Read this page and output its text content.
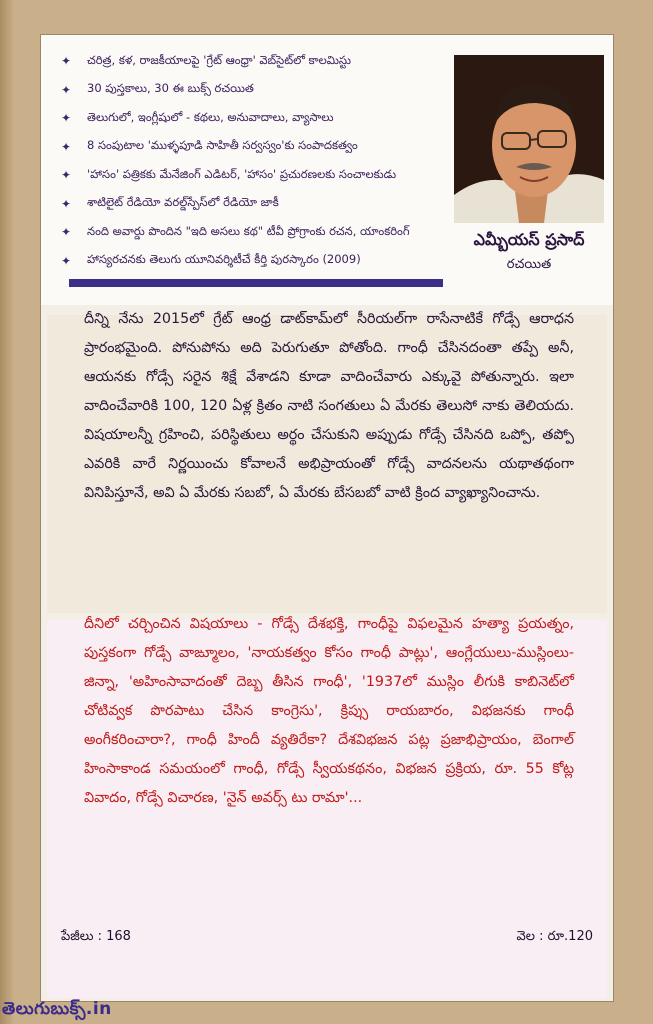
✦	చరిత్ర, కళ, రాజకీయాలపై 'గ్రేట్ ఆంధ్రా' వెబ్‌సైట్‌లో కాలమిస్టు
✦	30 పుస్తకాలు, 30 ఈ బుక్స్ రచయిత
✦	తెలుగులో, ఇంగ్లీషులో - కథలు, అనువాదాలు, వ్యాసాలు
✦	8 సంపుటాల 'ముళ్ళపూడి సాహితీ సర్వస్వం'కు సంపాదకత్వం
✦	'హాసం' పత్రికకు మేనేజింగ్ ఎడిటర్, 'హాసం' ప్రచురణలకు సంచాలకుడు
✦	శాటిలైట్ రేడియో వరల్డ్‌స్పేస్‌లో రేడియో జాకీ
✦	నంది అవార్డు పొందిన "ఇది అసలు కథ" టీవీ ప్రోగ్రాంకు రచన, యాంకరింగ్
✦	హాస్యరచనకు తెలుగు యూనివర్శిటీచే కీర్తి పురస్కారం (2009)
ఎమ్బీయస్ ప్రసాద్
రచయిత
పేజీలు : 168	వెల : రూ.120
దీన్ని నేను 2015లో గ్రేట్ ఆంధ్ర డాట్‌కామ్‌లో సీరియల్‌గా రాసేనాటికే గోడ్సే ఆరాధన ప్రారంభమైంది. పోనుపోను అది పెరుగుతూ పోతోంది. గాంధీ చేసినదంతా తప్పే అనీ, ఆయనకు గోడ్సే సరైన శిక్షే వేశాడని కూడా వాదించేవారు ఎక్కువై పోతున్నారు. ఇలా వాదించేవారికి 100, 120 ఏళ్ల క్రితం నాటి సంగతులు ఏ మేరకు తెలుసో నాకు తెలియదు. విషయాలన్నీ గ్రహించి, పరిస్థితులు అర్థం చేసుకుని అప్పుడు గోడ్సే చేసినది ఒప్పో, తప్పో ఎవరికి వారే నిర్ణయించు కోవాలనే అభిప్రాయంతో గోడ్సే వాదనలను యథాతథంగా వినిపిస్తూనే, అవి ఏ మేరకు సబబో, ఏ మేరకు బేసబబో వాటి క్రింద వ్యాఖ్యానించాను.
దీనిలో చర్చించిన విషయాలు - గోడ్సే దేశభక్తి, గాంధీపై విఫలమైన హత్యా ప్రయత్నం, పుస్తకంగా గోడ్సే వాఙ్మూలం, 'నాయకత్వం కోసం గాంధీ పాట్లు', ఆంగ్లేయులు-ముస్లింలు-జిన్నా, 'అహింసావాదంతో దెబ్బ తీసిన గాంధీ', '1937లో ముస్లిం లీగుకి కాబినెట్‌లో చోటివ్వక పొరపాటు చేసిన కాంగ్రెసు', క్రిప్సు రాయబారం, విభజనకు గాంధీ అంగీకరించారా?, గాంధీ హిందీ వ్యతిరేకా? దేశవిభజన పట్ల ప్రజాభిప్రాయం, బెంగాల్ హింసాకాండ సమయంలో గాంధీ, గోడ్సే స్వీయకథనం, విభజన ప్రక్రియ, రూ. 55 కోట్ల వివాదం, గోడ్సే విచారణ, 'నైన్ అవర్స్ టు రామా'...
తెలుగుబుక్స్.in
